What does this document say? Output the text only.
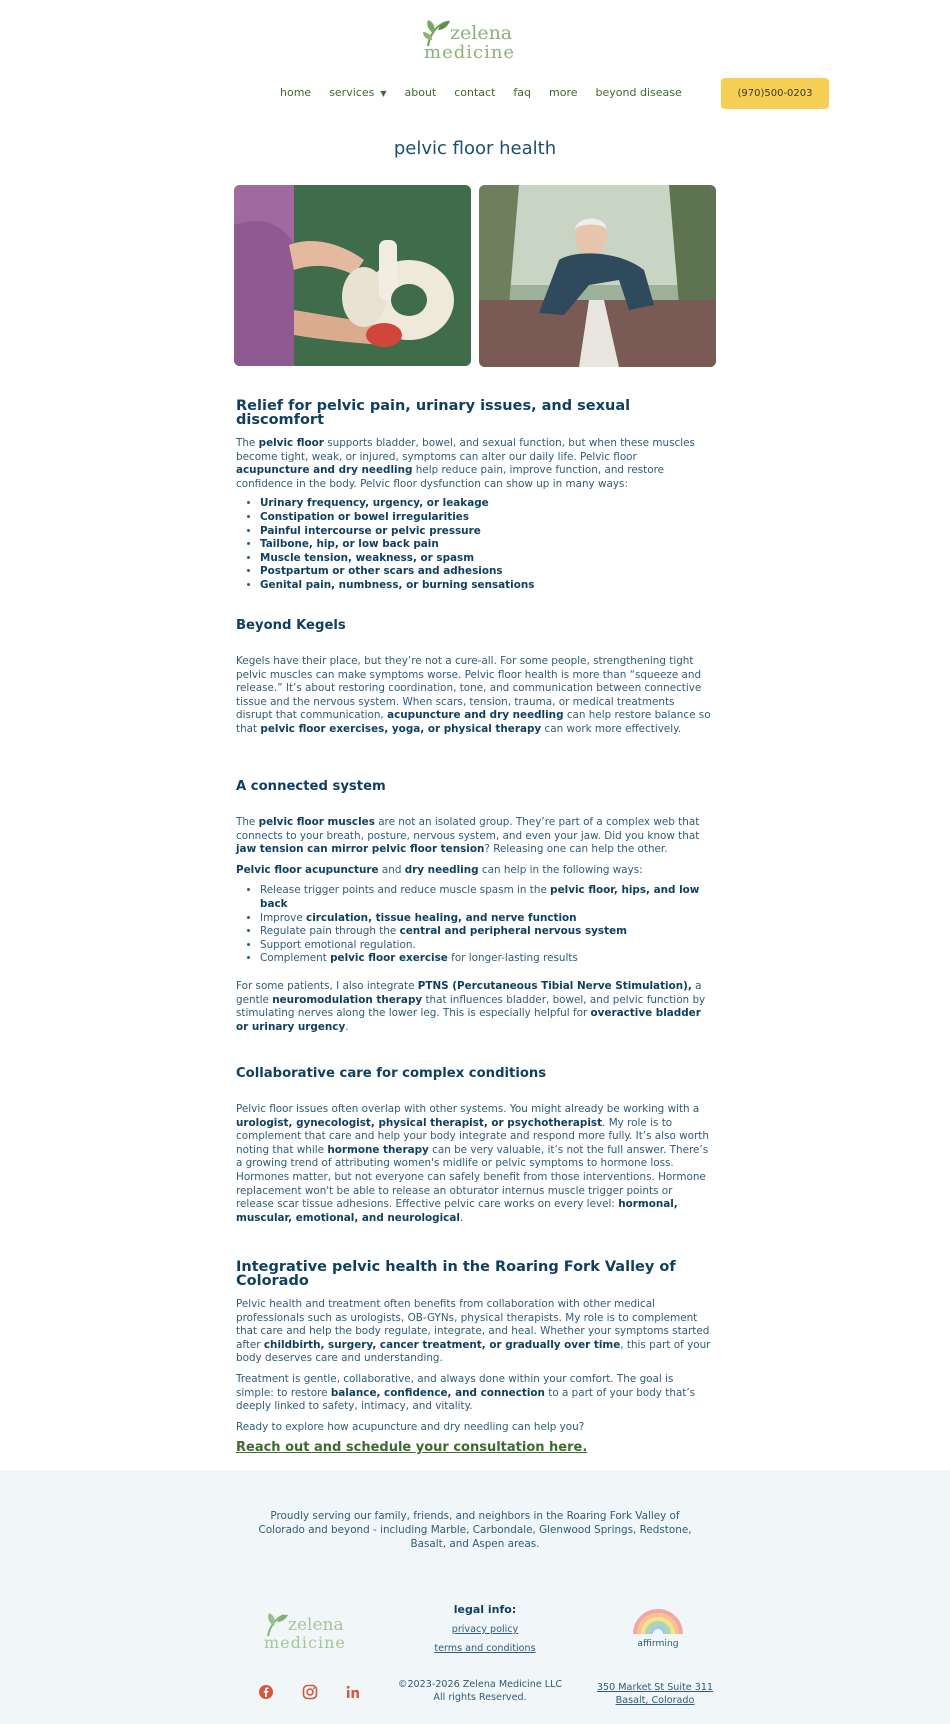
zelena
medicine
home services ▼ about contact faq more beyond disease	(970)500-0203
pelvic floor health
Relief for pelvic pain, urinary issues, and sexual discomfort

The pelvic floor supports bladder, bowel, and sexual function, but when these muscles become tight, weak, or injured, symptoms can alter our daily life. Pelvic floor acupuncture and dry needling help reduce pain, improve function, and restore confidence in the body. Pelvic floor dysfunction can show up in many ways:

• Urinary frequency, urgency, or leakage
• Constipation or bowel irregularities
• Painful intercourse or pelvic pressure
• Tailbone, hip, or low back pain
• Muscle tension, weakness, or spasm
• Postpartum or other scars and adhesions
• Genital pain, numbness, or burning sensations
Beyond Kegels

Kegels have their place, but they’re not a cure-all. For some people, strengthening tight pelvic muscles can make symptoms worse. Pelvic floor health is more than “squeeze and release.” It’s about restoring coordination, tone, and communication between connective tissue and the nervous system. When scars, tension, trauma, or medical treatments disrupt that communication, acupuncture and dry needling can help restore balance so that pelvic floor exercises, yoga, or physical therapy can work more effectively.

A connected system

The pelvic floor muscles are not an isolated group. They’re part of a complex web that connects to your breath, posture, nervous system, and even your jaw. Did you know that jaw tension can mirror pelvic floor tension? Releasing one can help the other.

Pelvic floor acupuncture and dry needling can help in the following ways:

• Release trigger points and reduce muscle spasm in the pelvic floor, hips, and low back
• Improve circulation, tissue healing, and nerve function
• Regulate pain through the central and peripheral nervous system
• Support emotional regulation.
• Complement pelvic floor exercise for longer-lasting results

For some patients, I also integrate PTNS (Percutaneous Tibial Nerve Stimulation), a gentle neuromodulation therapy that influences bladder, bowel, and pelvic function by stimulating nerves along the lower leg. This is especially helpful for overactive bladder or urinary urgency.

Collaborative care for complex conditions

Pelvic floor issues often overlap with other systems. You might already be working with a urologist, gynecologist, physical therapist, or psychotherapist. My role is to complement that care and help your body integrate and respond more fully. It’s also worth noting that while hormone therapy can be very valuable, it’s not the full answer. There’s a growing trend of attributing women's midlife or pelvic symptoms to hormone loss. Hormones matter, but not everyone can safely benefit from those interventions. Hormone replacement won't be able to release an obturator internus muscle trigger points or release scar tissue adhesions. Effective pelvic care works on every level: hormonal, muscular, emotional, and neurological.

Integrative pelvic health in the Roaring Fork Valley of Colorado

Pelvic health and treatment often benefits from collaboration with other medical professionals such as urologists, OB-GYNs, physical therapists. My role is to complement that care and help the body regulate, integrate, and heal. Whether your symptoms started after childbirth, surgery, cancer treatment, or gradually over time, this part of your body deserves care and understanding.

Treatment is gentle, collaborative, and always done within your comfort. The goal is simple: to restore balance, confidence, and connection to a part of your body that’s deeply linked to safety, intimacy, and vitality.

Ready to explore how acupuncture and dry needling can help you?

Reach out and schedule your consultation here.

Proudly serving our family, friends, and neighbors in the Roaring Fork Valley of Colorado and beyond - including Marble, Carbondale, Glenwood Springs, Redstone, Basalt, and Aspen areas.
zelena
medicine
legal info:
privacy policy
terms and conditions	affirming
©2023-2026 Zelena Medicine LLC
All rights Reserved.
350 Market St Suite 311
Basalt, Colorado
